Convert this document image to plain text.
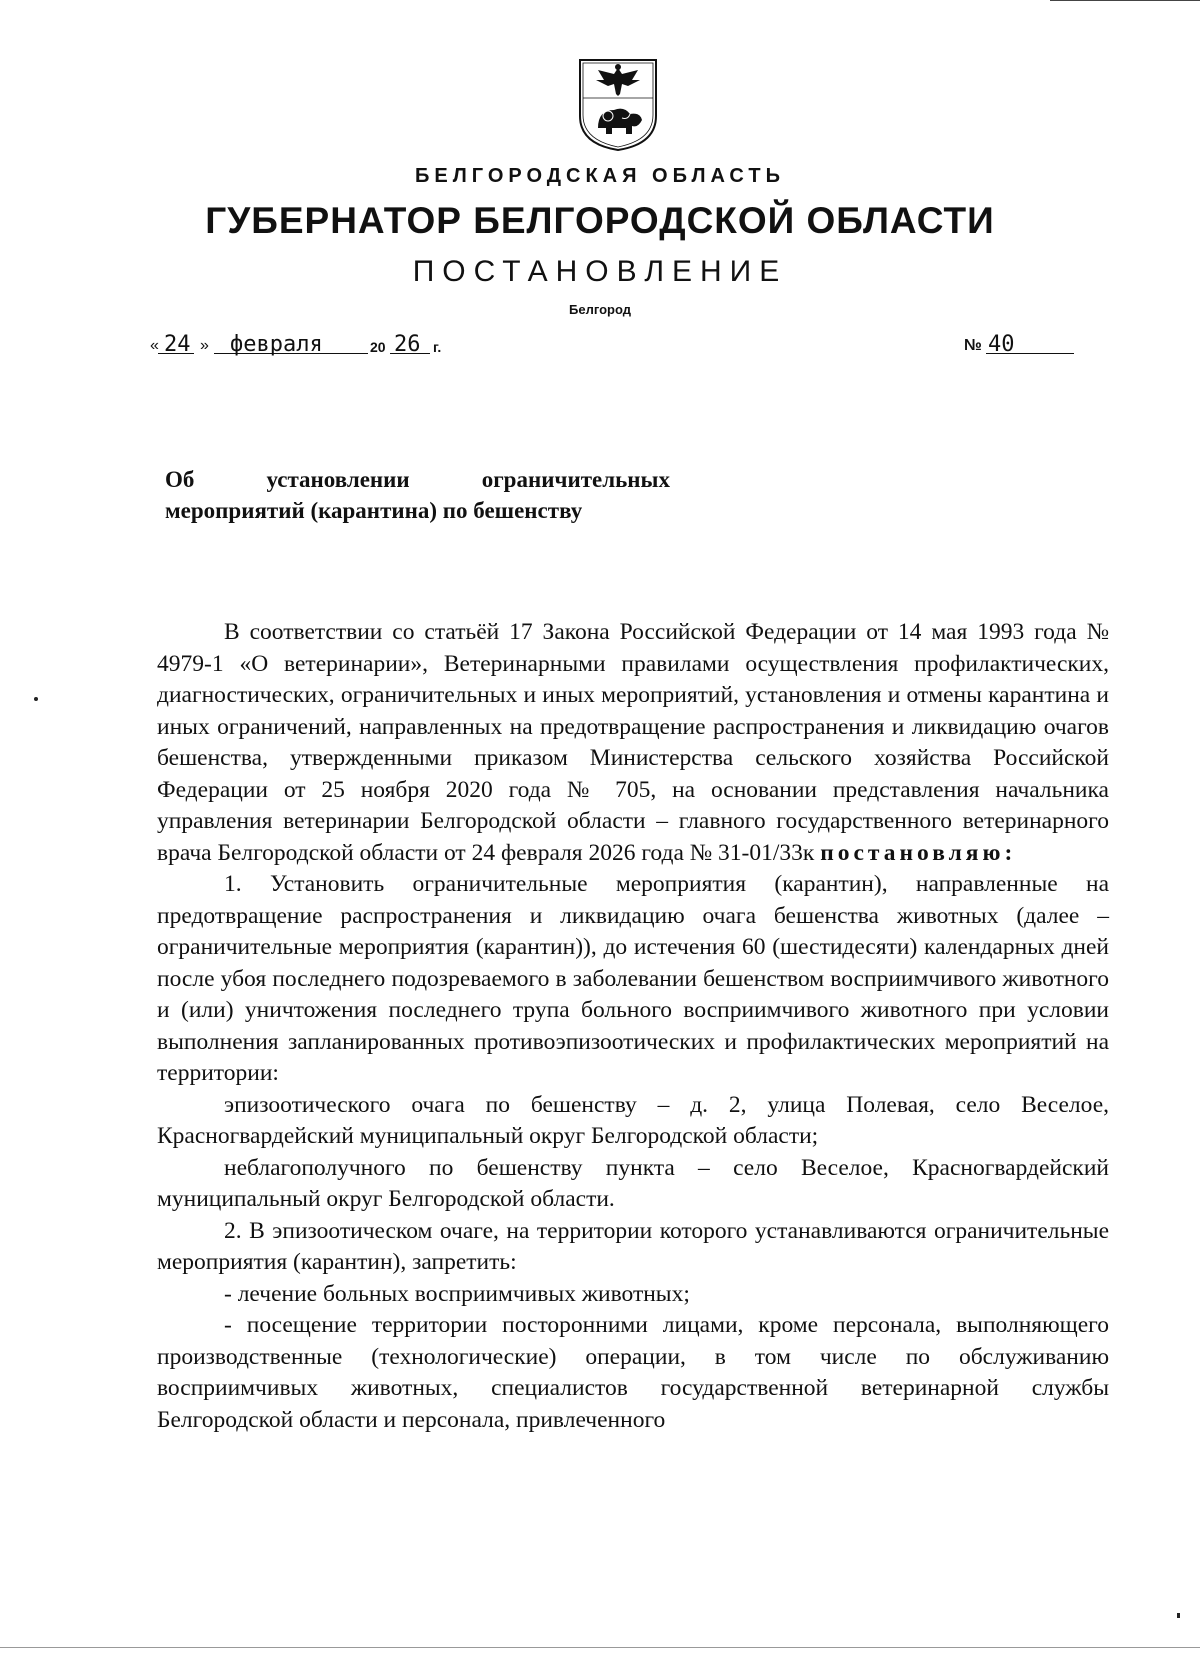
БЕЛГОРОДСКАЯ ОБЛАСТЬ
ГУБЕРНАТОР БЕЛГОРОДСКОЙ ОБЛАСТИ
ПОСТАНОВЛЕНИЕ
Белгород
« 24 » февраля	20 26 г.	№ 40
Об	установлении	ограничительных
мероприятий (карантина) по бешенству

В соответствии со статьёй 17 Закона Российской Федерации от 14 мая 1993 года № 4979-1 «О ветеринарии», Ветеринарными правилами осуществления профилактических, диагностических, ограничительных и иных мероприятий, установления и отмены карантина и иных ограничений, направленных на предотвращение распространения и ликвидацию очагов бешенства, утвержденными приказом Министерства сельского хозяйства Российской Федерации от 25 ноября 2020 года № 705, на основании представления начальника управления ветеринарии Белгородской области – главного государственного ветеринарного врача Белгородской области от 24 февраля 2026 года № 31-01/33к постановляю:

1. Установить ограничительные мероприятия (карантин), направленные на предотвращение распространения и ликвидацию очага бешенства животных (далее – ограничительные мероприятия (карантин)), до истечения 60 (шестидесяти) календарных дней после убоя последнего подозреваемого в заболевании бешенством восприимчивого животного и (или) уничтожения последнего трупа больного восприимчивого животного при условии выполнения запланированных противоэпизоотических и профилактических мероприятий на территории:

эпизоотического очага по бешенству – д. 2, улица Полевая, село Веселое, Красногвардейский муниципальный округ Белгородской области;

неблагополучного по бешенству пункта – село Веселое, Красногвардейский муниципальный округ Белгородской области.

2. В эпизоотическом очаге, на территории которого устанавливаются ограничительные мероприятия (карантин), запретить:

- лечение больных восприимчивых животных;

- посещение территории посторонними лицами, кроме персонала, выполняющего производственные (технологические) операции, в том числе по обслуживанию восприимчивых животных, специалистов государственной ветеринарной службы Белгородской области и персонала, привлеченного
